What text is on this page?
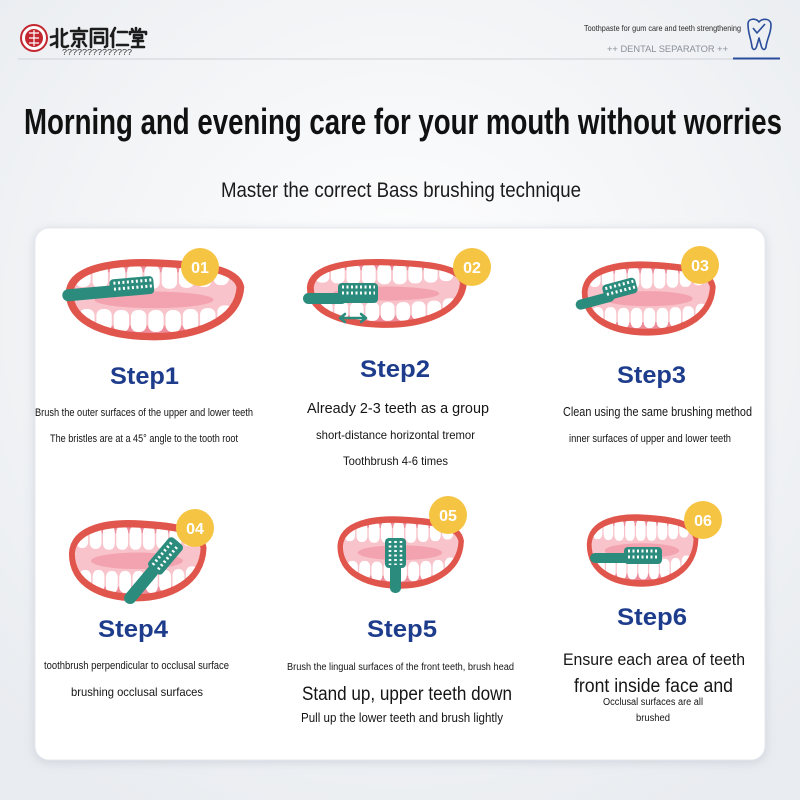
??????????????
Toothpaste for gum care and teeth strengthening
++ DENTAL SEPARATOR ++
Morning and evening care for your mouth without worries
Master the correct Bass brushing technique
01
Step1
Brush the outer surfaces of the upper and lower teeth
The bristles are at a 45° angle to the tooth root
02
Step2
Already 2-3 teeth as a group
short-distance horizontal tremor
Toothbrush 4-6 times
03
Step3
Clean using the same brushing method
inner surfaces of upper and lower teeth
04
Step4
toothbrush perpendicular to occlusal surface
brushing occlusal surfaces
05
Step5
Brush the lingual surfaces of the front teeth, brush head
Stand up, upper teeth down
Pull up the lower teeth and brush lightly
06
Step6
Ensure each area of teeth
front inside face and
Occlusal surfaces are all
brushed
